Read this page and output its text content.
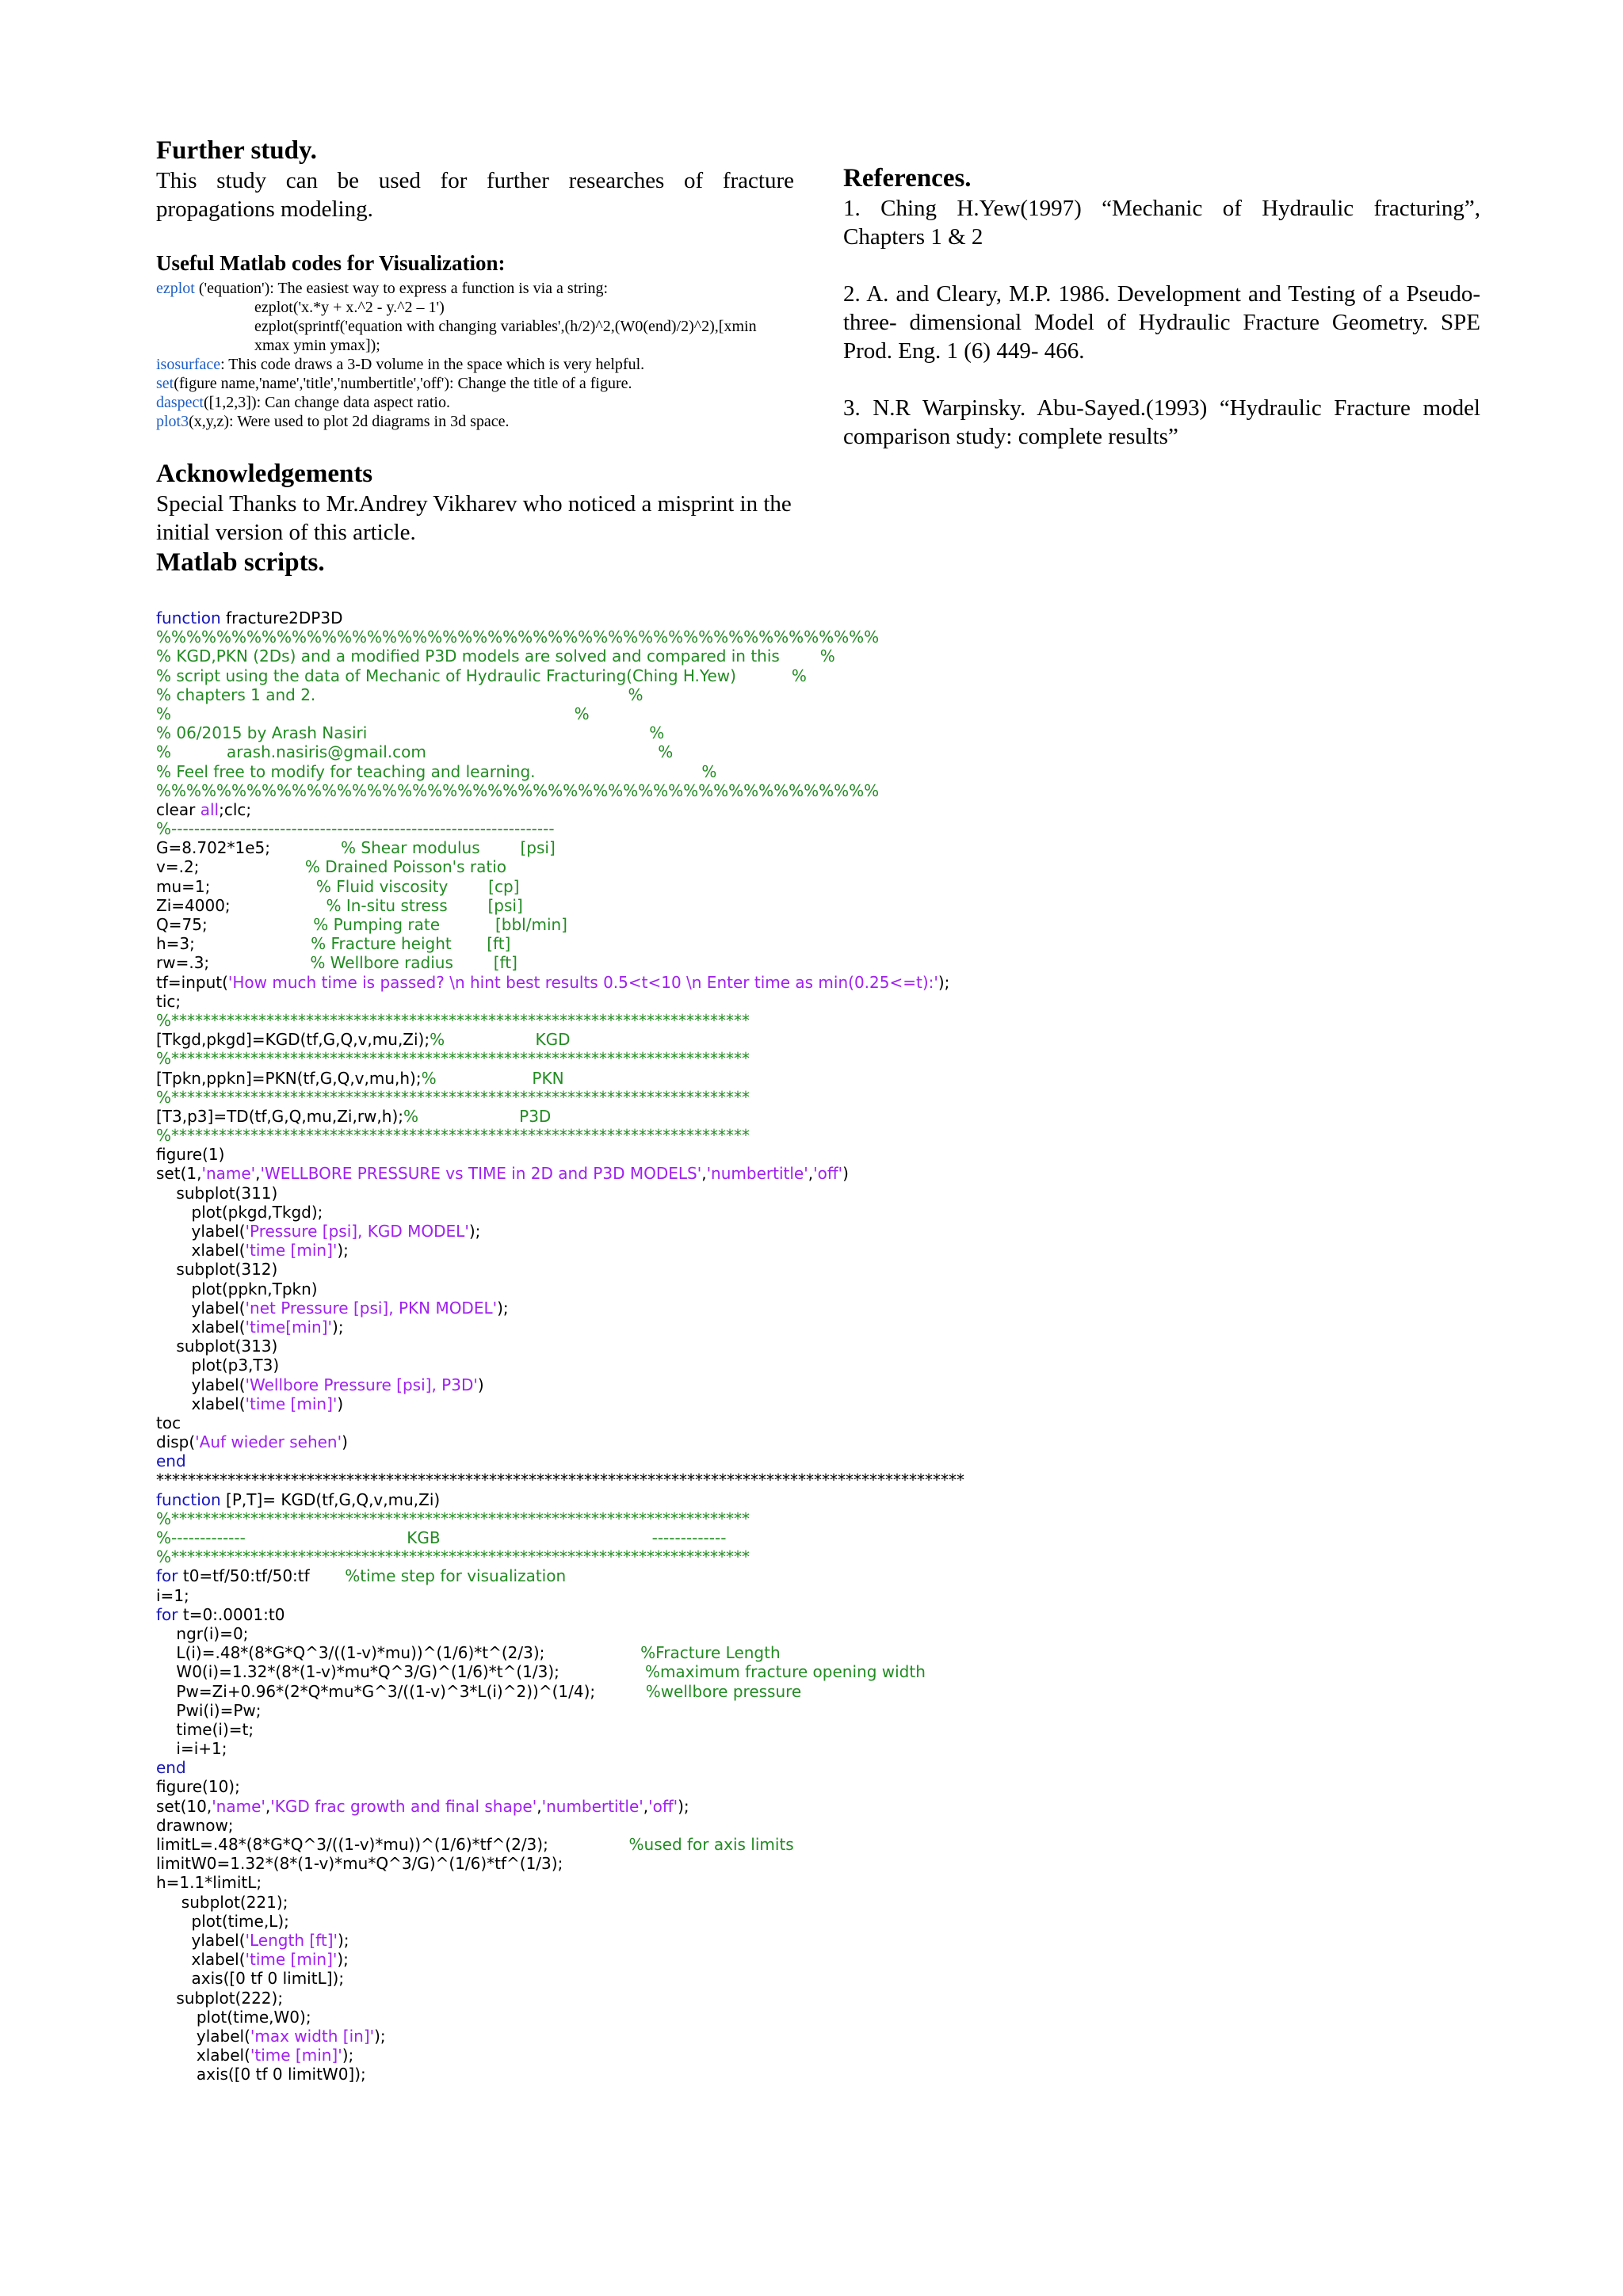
Further study.

This study can be used for further researches of fracture propagations modeling.

Useful Matlab codes for Visualization:
ezplot ('equation'): The easiest way to express a function is via a string:
ezplot('x.*y + x.^2 - y.^2 – 1')
ezplot(sprintf('equation with changing variables',(h/2)^2,(W0(end)/2)^2),[xmin xmax ymin ymax]);
isosurface: This code draws a 3-D volume in the space which is very helpful.
set(figure name,'name','title','numbertitle','off'): Change the title of a figure.
daspect([1,2,3]): Can change data aspect ratio.
plot3(x,y,z): Were used to plot 2d diagrams in 3d space.
Acknowledgements

Special Thanks to Mr.Andrey Vikharev who noticed a misprint in the initial version of this article.

Matlab scripts.
References.
1. Ching H.Yew(1997) “Mechanic of Hydraulic fracturing”, Chapters 1 & 2
2. A. and Cleary, M.P. 1986. Development and Testing of a Pseudo-three- dimensional Model of Hydraulic Fracture Geometry. SPE Prod. Eng. 1 (6) 449- 466.
3. N.R Warpinsky. Abu-Sayed.(1993) “Hydraulic Fracture model comparison study: complete results”
function fracture2DP3D
%%%%%%%%%%%%%%%%%%%%%%%%%%%%%%%%%%%%%%%%%%%%%%%%
% KGD,PKN (2Ds) and a modified P3D models are solved and compared in this        %
% script using the data of Mechanic of Hydraulic Fracturing(Ching H.Yew)           %
% chapters 1 and 2.                                                              %
%                                                                                %
% 06/2015 by Arash Nasiri                                                        %
%           arash.nasiris@gmail.com                                              %
% Feel free to modify for teaching and learning.                                 %
%%%%%%%%%%%%%%%%%%%%%%%%%%%%%%%%%%%%%%%%%%%%%%%%
clear all;clc;
%-------------------------------------------------------------------
G=8.702*1e5;              % Shear modulus        [psi]
v=.2;                     % Drained Poisson's ratio
mu=1;                     % Fluid viscosity        [cp]
Zi=4000;                   % In-situ stress        [psi]
Q=75;                     % Pumping rate           [bbl/min]
h=3;                       % Fracture height       [ft]
rw=.3;                    % Wellbore radius        [ft]
tf=input('How much time is passed? \n hint best results 0.5<t<10 \n Enter time as min(0.25<=t):');
tic;
%*************************************************************************
[Tkgd,pkgd]=KGD(tf,G,Q,v,mu,Zi);%                  KGD
%*************************************************************************
[Tpkn,ppkn]=PKN(tf,G,Q,v,mu,h);%                   PKN
%*************************************************************************
[T3,p3]=TD(tf,G,Q,mu,Zi,rw,h);%                    P3D
%*************************************************************************
figure(1)
set(1,'name','WELLBORE PRESSURE vs TIME in 2D and P3D MODELS','numbertitle','off')
subplot(311)
plot(pkgd,Tkgd);
ylabel('Pressure [psi], KGD MODEL');
xlabel('time [min]');
subplot(312)
plot(ppkn,Tpkn)
ylabel('net Pressure [psi], PKN MODEL');
xlabel('time[min]');
subplot(313)
plot(p3,T3)
ylabel('Wellbore Pressure [psi], P3D')
xlabel('time [min]')
toc
disp('Auf wieder sehen')
end
******************************************************************************************************
function [P,T]= KGD(tf,G,Q,v,mu,Zi)
%*************************************************************************
%-------------                                KGB                                          -------------
%*************************************************************************
for t0=tf/50:tf/50:tf       %time step for visualization
i=1;
for t=0:.0001:t0
ngr(i)=0;
L(i)=.48*(8*G*Q^3/((1-v)*mu))^(1/6)*t^(2/3);                   %Fracture Length
W0(i)=1.32*(8*(1-v)*mu*Q^3/G)^(1/6)*t^(1/3);                 %maximum fracture opening width
Pw=Zi+0.96*(2*Q*mu*G^3/((1-v)^3*L(i)^2))^(1/4);          %wellbore pressure
Pwi(i)=Pw;
time(i)=t;
i=i+1;
end
figure(10);
set(10,'name','KGD frac growth and final shape','numbertitle','off');
drawnow;
limitL=.48*(8*G*Q^3/((1-v)*mu))^(1/6)*tf^(2/3);                %used for axis limits
limitW0=1.32*(8*(1-v)*mu*Q^3/G)^(1/6)*tf^(1/3);
h=1.1*limitL;
subplot(221);
plot(time,L);
ylabel('Length [ft]');
xlabel('time [min]');
axis([0 tf 0 limitL]);
subplot(222);
plot(time,W0);
ylabel('max width [in]');
xlabel('time [min]');
axis([0 tf 0 limitW0]);
